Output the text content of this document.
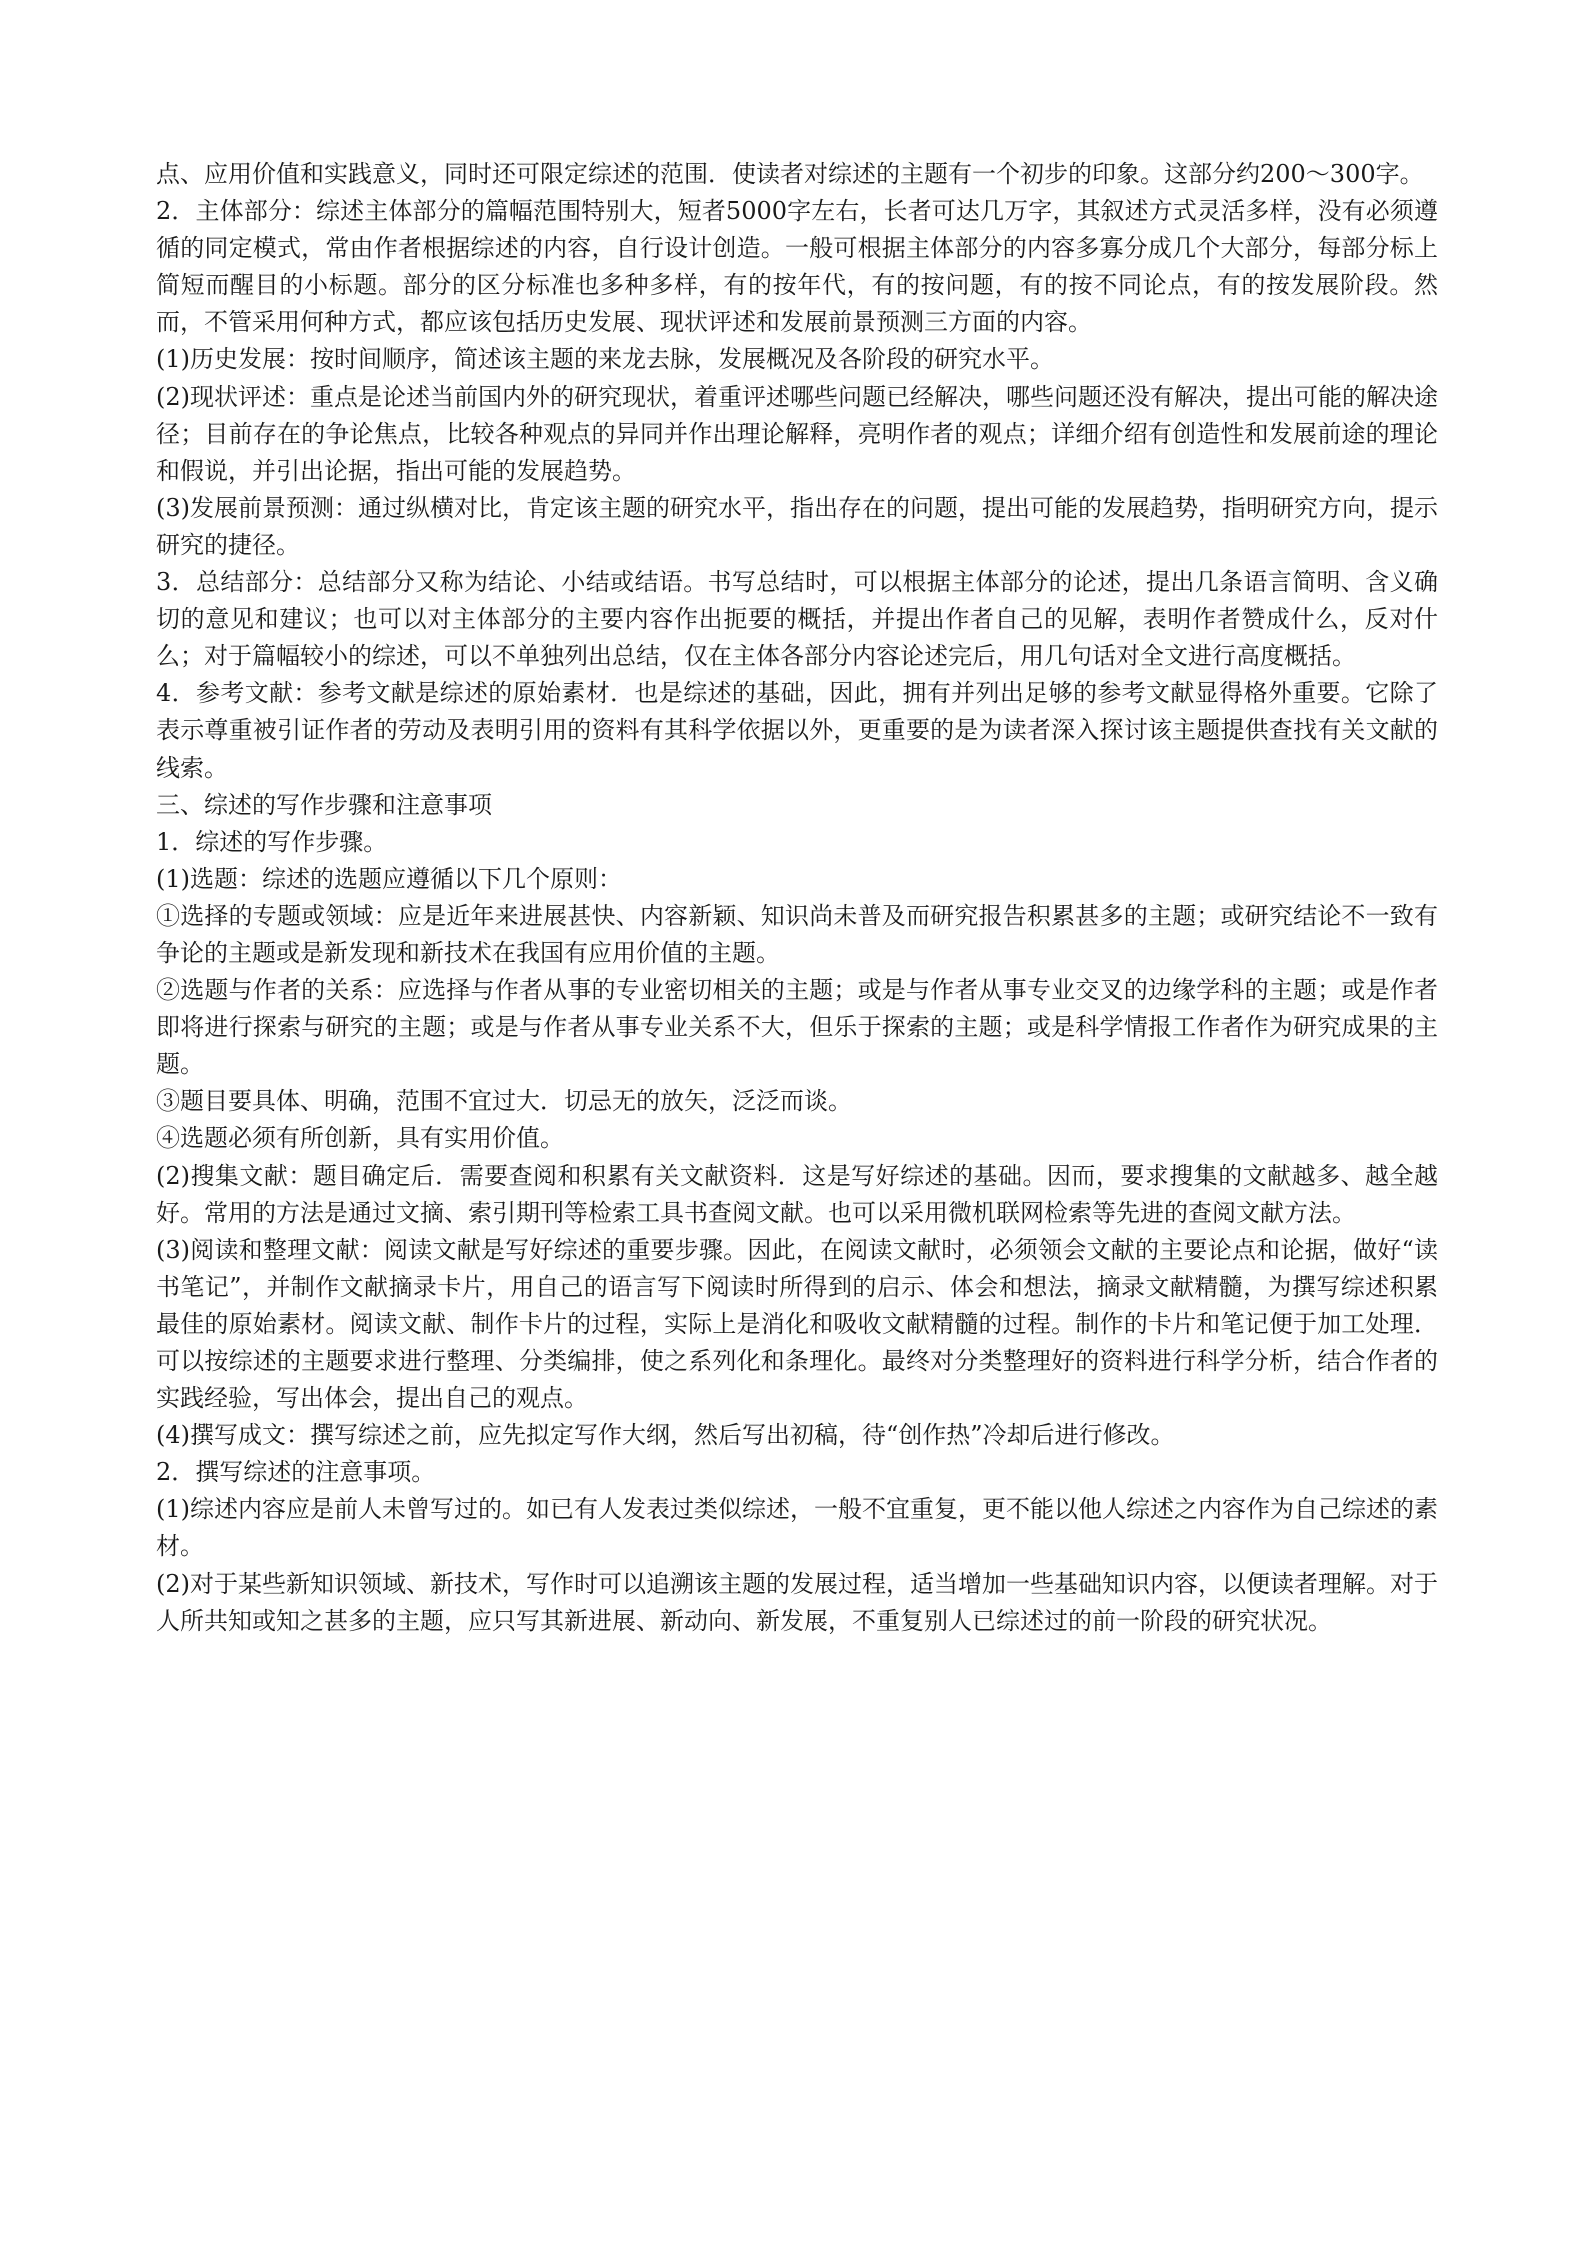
点、应用价值和实践意义，同时还可限定综述的范围．使读者对综述的主题有一个初步的印象。这部分约200～300字。

2．主体部分：综述主体部分的篇幅范围特别大，短者5000字左右，长者可达几万字，其叙述方式灵活多样，没有必须遵循的同定模式，常由作者根据综述的内容，自行设计创造。一般可根据主体部分的内容多寡分成几个大部分，每部分标上简短而醒目的小标题。部分的区分标准也多种多样，有的按年代，有的按问题，有的按不同论点，有的按发展阶段。然而，不管采用何种方式，都应该包括历史发展、现状评述和发展前景预测三方面的内容。

(1)历史发展：按时间顺序，简述该主题的来龙去脉，发展概况及各阶段的研究水平。

(2)现状评述：重点是论述当前国内外的研究现状，着重评述哪些问题已经解决，哪些问题还没有解决，提出可能的解决途径；目前存在的争论焦点，比较各种观点的异同并作出理论解释，亮明作者的观点；详细介绍有创造性和发展前途的理论和假说，并引出论据，指出可能的发展趋势。

(3)发展前景预测：通过纵横对比，肯定该主题的研究水平，指出存在的问题，提出可能的发展趋势，指明研究方向，提示研究的捷径。

3．总结部分：总结部分又称为结论、小结或结语。书写总结时，可以根据主体部分的论述，提出几条语言简明、含义确切的意见和建议；也可以对主体部分的主要内容作出扼要的概括，并提出作者自己的见解，表明作者赞成什么，反对什么；对于篇幅较小的综述，可以不单独列出总结，仅在主体各部分内容论述完后，用几句话对全文进行高度概括。

4．参考文献：参考文献是综述的原始素材．也是综述的基础，因此，拥有并列出足够的参考文献显得格外重要。它除了表示尊重被引证作者的劳动及表明引用的资料有其科学依据以外，更重要的是为读者深入探讨该主题提供查找有关文献的线索。

三、综述的写作步骤和注意事项

1．综述的写作步骤。

(1)选题：综述的选题应遵循以下几个原则：

①选择的专题或领域：应是近年来进展甚快、内容新颖、知识尚未普及而研究报告积累甚多的主题；或研究结论不一致有争论的主题或是新发现和新技术在我国有应用价值的主题。

②选题与作者的关系：应选择与作者从事的专业密切相关的主题；或是与作者从事专业交叉的边缘学科的主题；或是作者即将进行探索与研究的主题；或是与作者从事专业关系不大，但乐于探索的主题；或是科学情报工作者作为研究成果的主题。

③题目要具体、明确，范围不宜过大．切忌无的放矢，泛泛而谈。

④选题必须有所创新，具有实用价值。

(2)搜集文献：题目确定后．需要查阅和积累有关文献资料．这是写好综述的基础。因而，要求搜集的文献越多、越全越好。常用的方法是通过文摘、索引期刊等检索工具书查阅文献。也可以采用微机联网检索等先进的查阅文献方法。

(3)阅读和整理文献：阅读文献是写好综述的重要步骤。因此，在阅读文献时，必须领会文献的主要论点和论据，做好“读书笔记”，并制作文献摘录卡片，用自己的语言写下阅读时所得到的启示、体会和想法，摘录文献精髓，为撰写综述积累最佳的原始素材。阅读文献、制作卡片的过程，实际上是消化和吸收文献精髓的过程。制作的卡片和笔记便于加工处理．可以按综述的主题要求进行整理、分类编排，使之系列化和条理化。最终对分类整理好的资料进行科学分析，结合作者的实践经验，写出体会，提出自己的观点。

(4)撰写成文：撰写综述之前，应先拟定写作大纲，然后写出初稿，待“创作热”冷却后进行修改。

2．撰写综述的注意事项。

(1)综述内容应是前人未曾写过的。如已有人发表过类似综述，一般不宜重复，更不能以他人综述之内容作为自己综述的素材。

(2)对于某些新知识领域、新技术，写作时可以追溯该主题的发展过程，适当增加一些基础知识内容，以便读者理解。对于人所共知或知之甚多的主题，应只写其新进展、新动向、新发展，不重复别人已综述过的前一阶段的研究状况。
